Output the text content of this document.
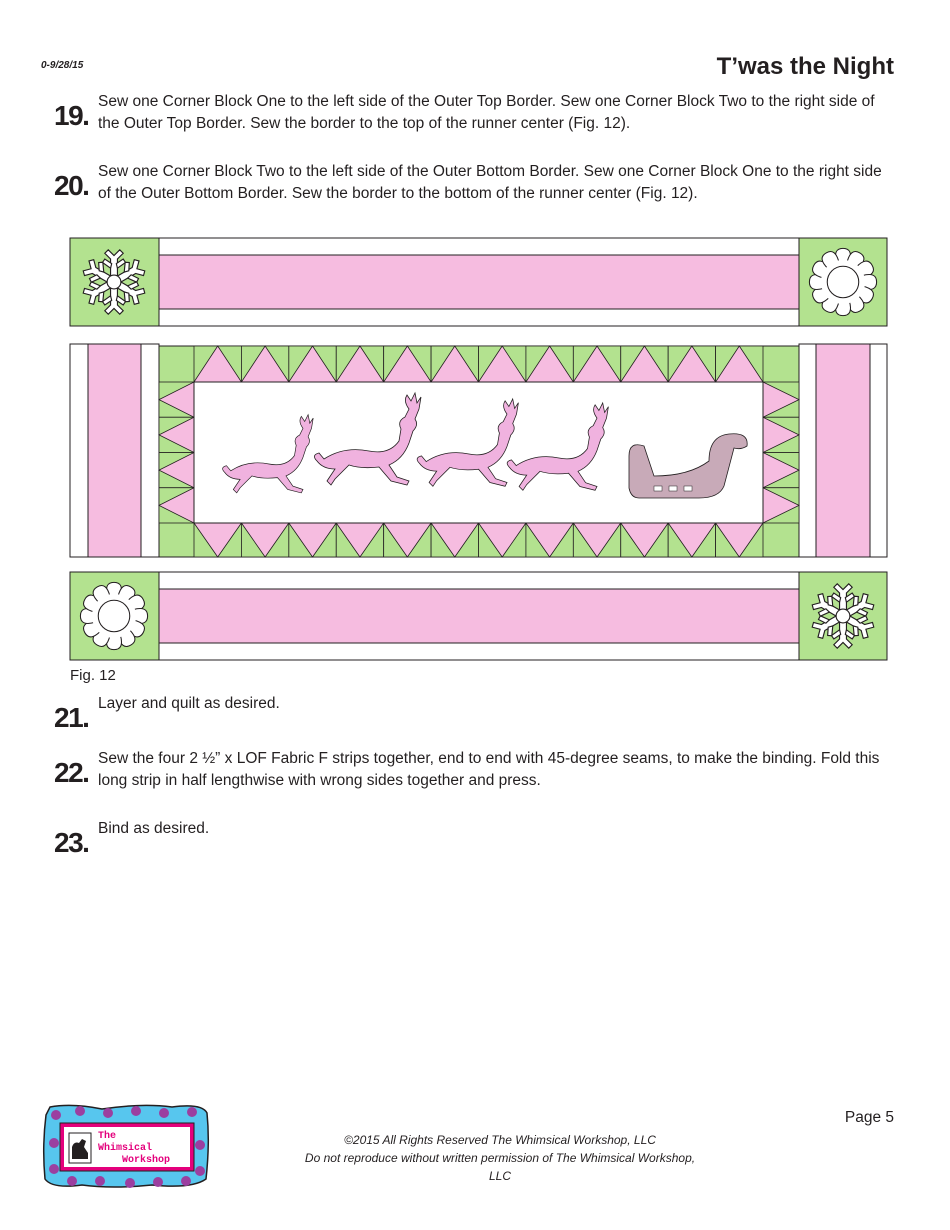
0-9/28/15	T’was the Night
19. Sew one Corner Block One to the left side of the Outer Top Border. Sew one Corner Block Two to the right side of the Outer Top Border. Sew the border to the top of the runner center (Fig. 12).
20. Sew one Corner Block Two to the left side of the Outer Bottom Border. Sew one Corner Block One to the right side of the Outer Bottom Border. Sew the border to the bottom of the runner center (Fig. 12).
Fig. 12
21. Layer and quilt as desired.
22. Sew the four 2 ½” x LOF Fabric F strips together, end to end with 45-degree seams, to make the binding. Fold this long strip in half lengthwise with wrong sides together and press.
23. Bind as desired.
The
Whimsical
Workshop
Page 5
©2015 All Rights Reserved The Whimsical Workshop, LLC
Do not reproduce without written permission of The Whimsical Workshop, LLC
